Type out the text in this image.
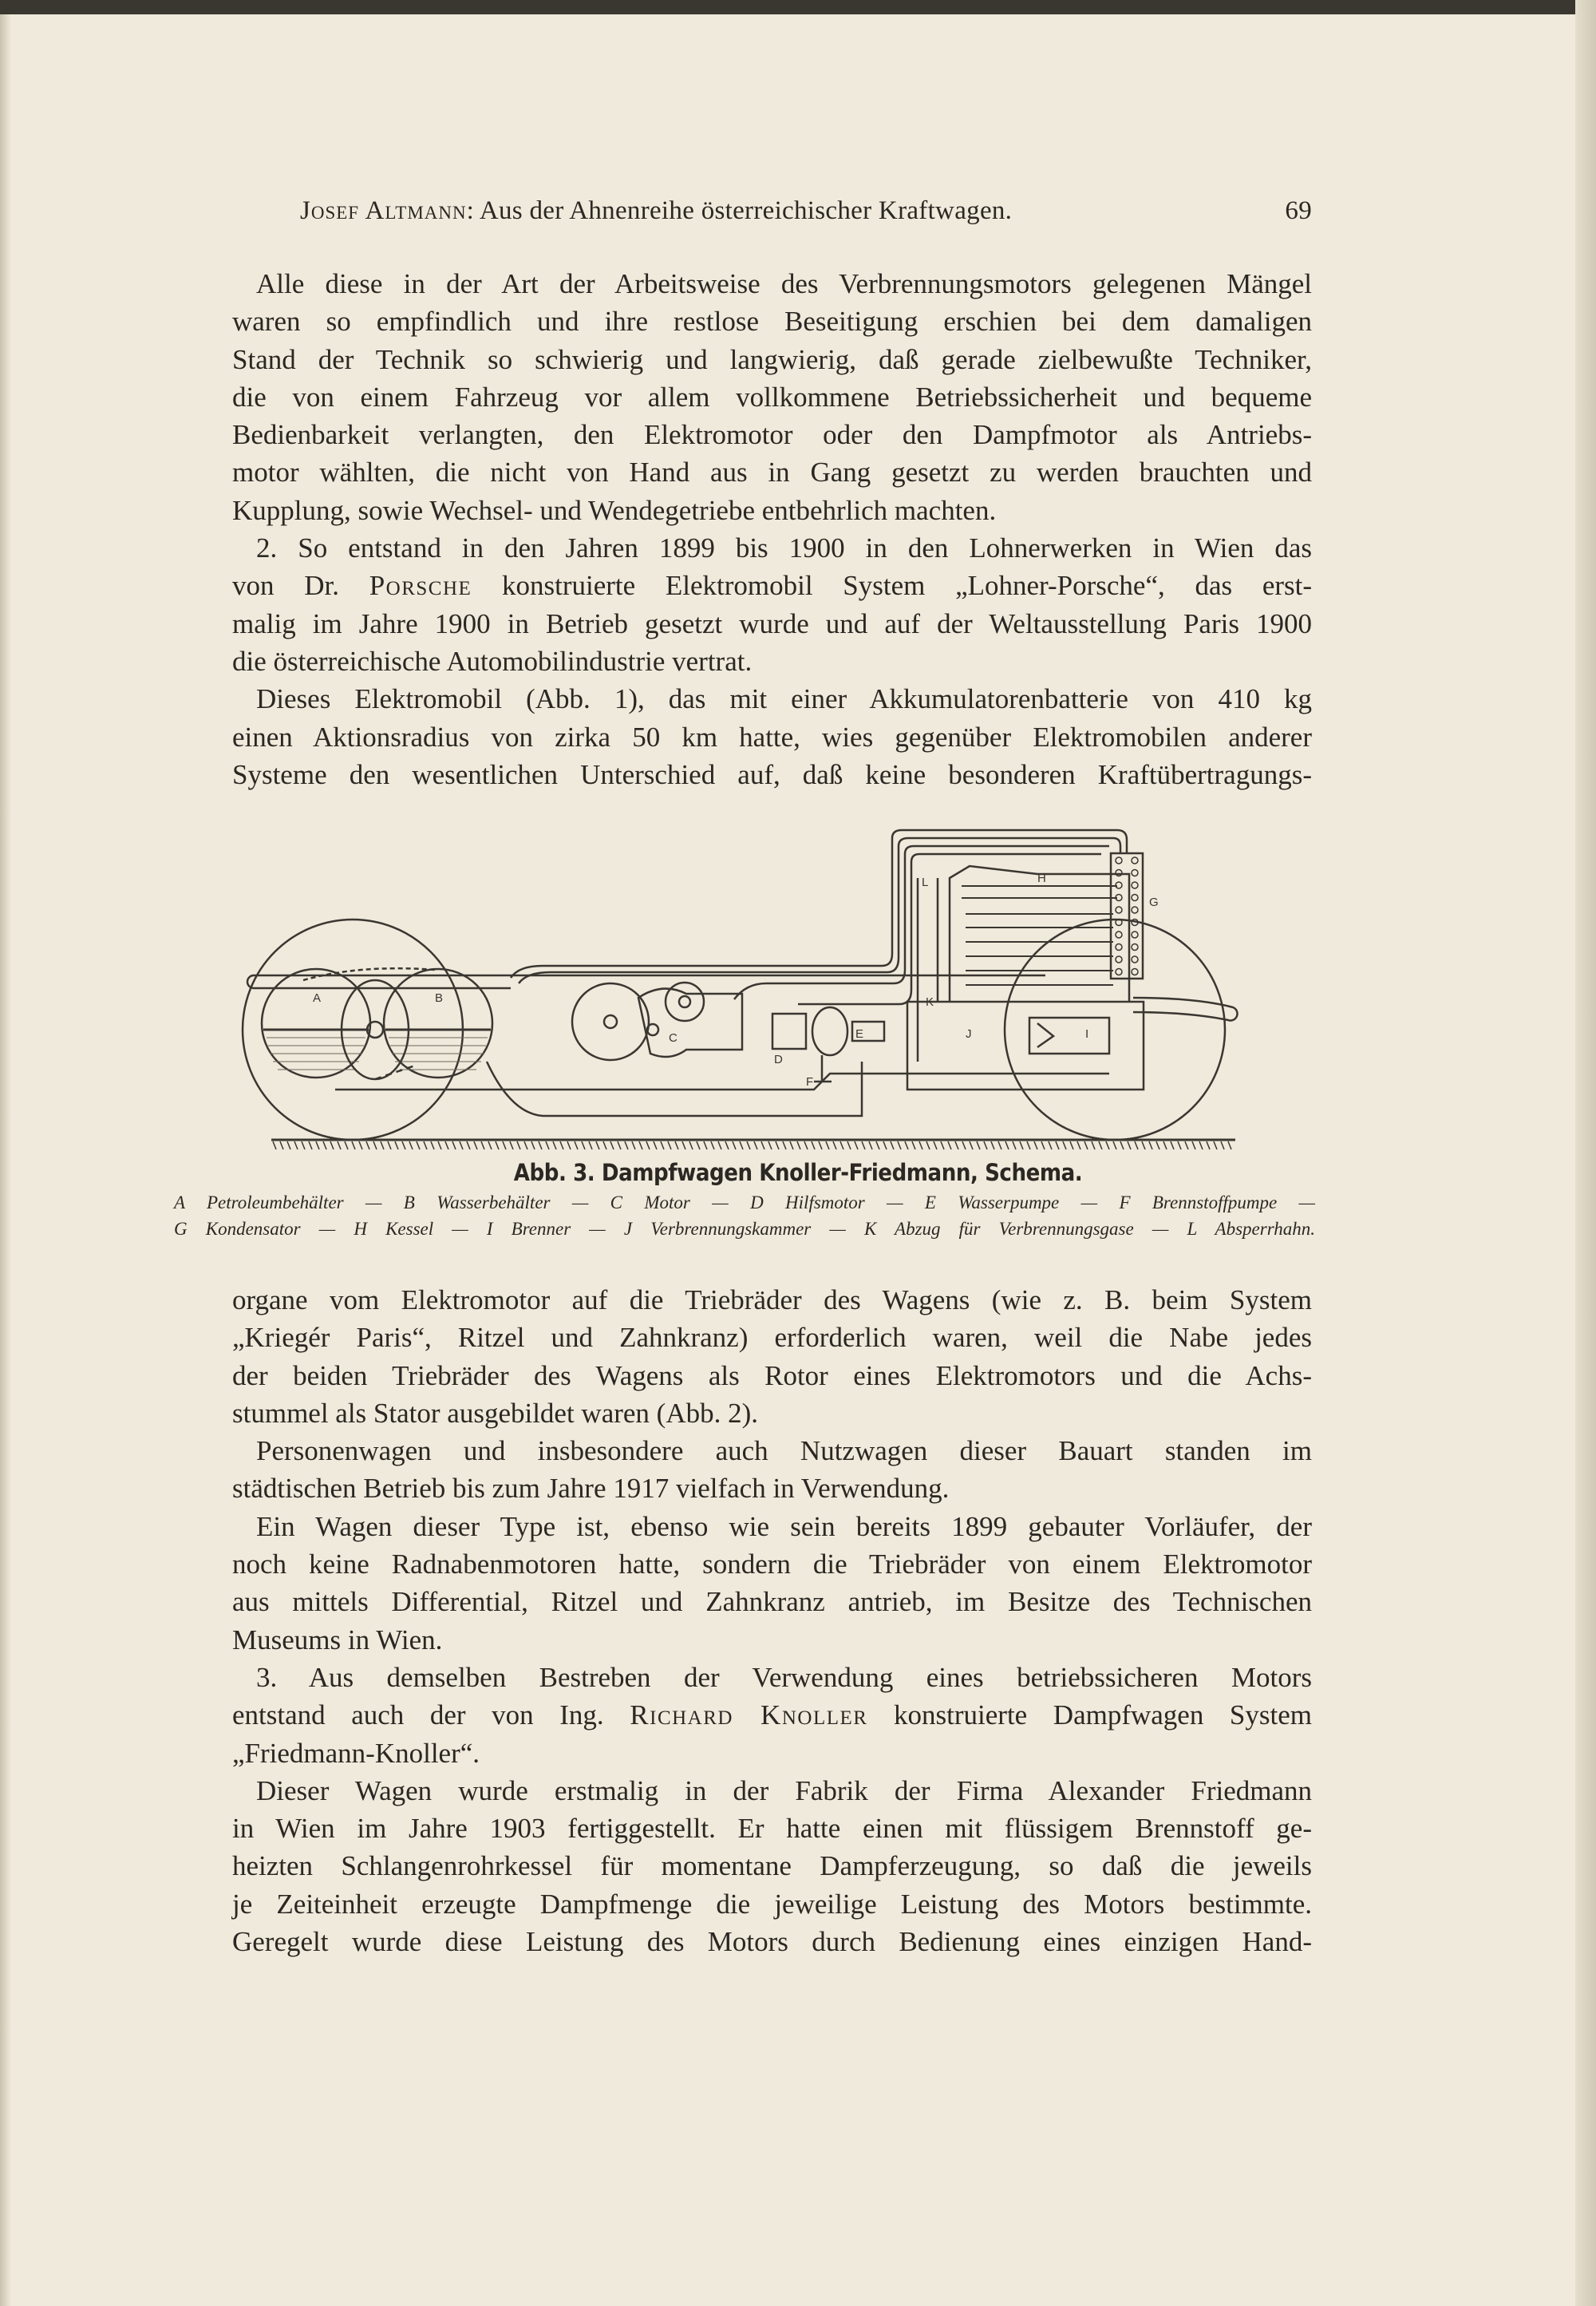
Josef Altmann: Aus der Ahnenreihe österreichischer Kraftwagen.	69
Alle diese in der Art der Arbeitsweise des Verbrennungsmotors gelegenen Mängel
waren so empfindlich und ihre restlose Beseitigung erschien bei dem damaligen
Stand der Technik so schwierig und langwierig, daß gerade zielbewußte Techniker,
die von einem Fahrzeug vor allem vollkommene Betriebssicherheit und bequeme
Bedienbarkeit verlangten, den Elektromotor oder den Dampfmotor als Antriebs-
motor wählten, die nicht von Hand aus in Gang gesetzt zu werden brauchten und
Kupplung, sowie Wechsel- und Wendegetriebe entbehrlich machten.
2. So entstand in den Jahren 1899 bis 1900 in den Lohnerwerken in Wien das
von Dr. Porsche konstruierte Elektromobil System „Lohner-Porsche“, das erst-
malig im Jahre 1900 in Betrieb gesetzt wurde und auf der Weltausstellung Paris 1900
die österreichische Automobilindustrie vertrat.
Dieses Elektromobil (Abb. 1), das mit einer Akkumulatorenbatterie von 410 kg
einen Aktionsradius von zirka 50 km hatte, wies gegenüber Elektromobilen anderer
Systeme den wesentlichen Unterschied auf, daß keine besonderen Kraftübertragungs-
A	B
C
D
E
F
G
H
I
J
K
L
Abb. 3. Dampfwagen Knoller-Friedmann, Schema.
A Petroleumbehälter — B Wasserbehälter — C Motor — D Hilfsmotor — E Wasserpumpe — F Brennstoffpumpe —
G Kondensator — H Kessel — I Brenner — J Verbrennungskammer — K Abzug für Verbrennungsgase — L Absperrhahn.
organe vom Elektromotor auf die Triebräder des Wagens (wie z. B. beim System
„Kriegér Paris“, Ritzel und Zahnkranz) erforderlich waren, weil die Nabe jedes
der beiden Triebräder des Wagens als Rotor eines Elektromotors und die Achs-
stummel als Stator ausgebildet waren (Abb. 2).
Personenwagen und insbesondere auch Nutzwagen dieser Bauart standen im
städtischen Betrieb bis zum Jahre 1917 vielfach in Verwendung.
Ein Wagen dieser Type ist, ebenso wie sein bereits 1899 gebauter Vorläufer, der
noch keine Radnabenmotoren hatte, sondern die Triebräder von einem Elektromotor
aus mittels Differential, Ritzel und Zahnkranz antrieb, im Besitze des Technischen
Museums in Wien.
3. Aus demselben Bestreben der Verwendung eines betriebssicheren Motors
entstand auch der von Ing. Richard Knoller konstruierte Dampfwagen System
„Friedmann-Knoller“.
Dieser Wagen wurde erstmalig in der Fabrik der Firma Alexander Friedmann
in Wien im Jahre 1903 fertiggestellt. Er hatte einen mit flüssigem Brennstoff ge-
heizten Schlangenrohrkessel für momentane Dampferzeugung, so daß die jeweils
je Zeiteinheit erzeugte Dampfmenge die jeweilige Leistung des Motors bestimmte.
Geregelt wurde diese Leistung des Motors durch Bedienung eines einzigen Hand-
